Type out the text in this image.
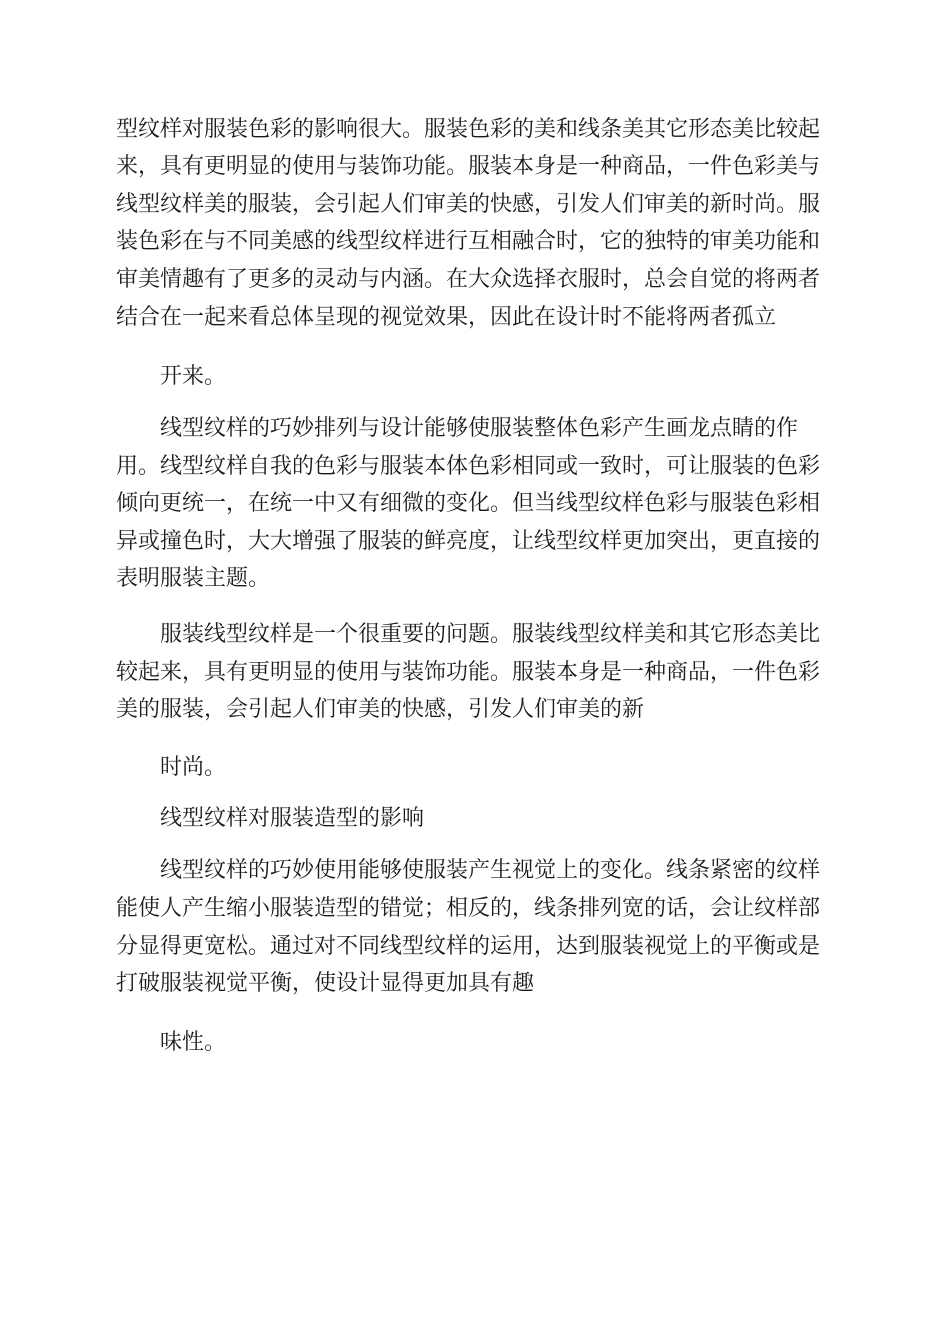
型纹样对服装色彩的影响很大。服装色彩的美和线条美其它形态美比较起
来，具有更明显的使用与装饰功能。服装本身是一种商品，一件色彩美与
线型纹样美的服装，会引起人们审美的快感，引发人们审美的新时尚。服
装色彩在与不同美感的线型纹样进行互相融合时，它的独特的审美功能和
审美情趣有了更多的灵动与内涵。在大众选择衣服时，总会自觉的将两者
结合在一起来看总体呈现的视觉效果，因此在设计时不能将两者孤立
开来。
线型纹样的巧妙排列与设计能够使服装整体色彩产生画龙点睛的作
用。线型纹样自我的色彩与服装本体色彩相同或一致时，可让服装的色彩
倾向更统一，在统一中又有细微的变化。但当线型纹样色彩与服装色彩相
异或撞色时，大大增强了服装的鲜亮度，让线型纹样更加突出，更直接的
表明服装主题。
服装线型纹样是一个很重要的问题。服装线型纹样美和其它形态美比
较起来，具有更明显的使用与装饰功能。服装本身是一种商品，一件色彩
美的服装，会引起人们审美的快感，引发人们审美的新
时尚。
线型纹样对服装造型的影响
线型纹样的巧妙使用能够使服装产生视觉上的变化。线条紧密的纹样
能使人产生缩小服装造型的错觉；相反的，线条排列宽的话，会让纹样部
分显得更宽松。通过对不同线型纹样的运用，达到服装视觉上的平衡或是
打破服装视觉平衡，使设计显得更加具有趣
味性。
